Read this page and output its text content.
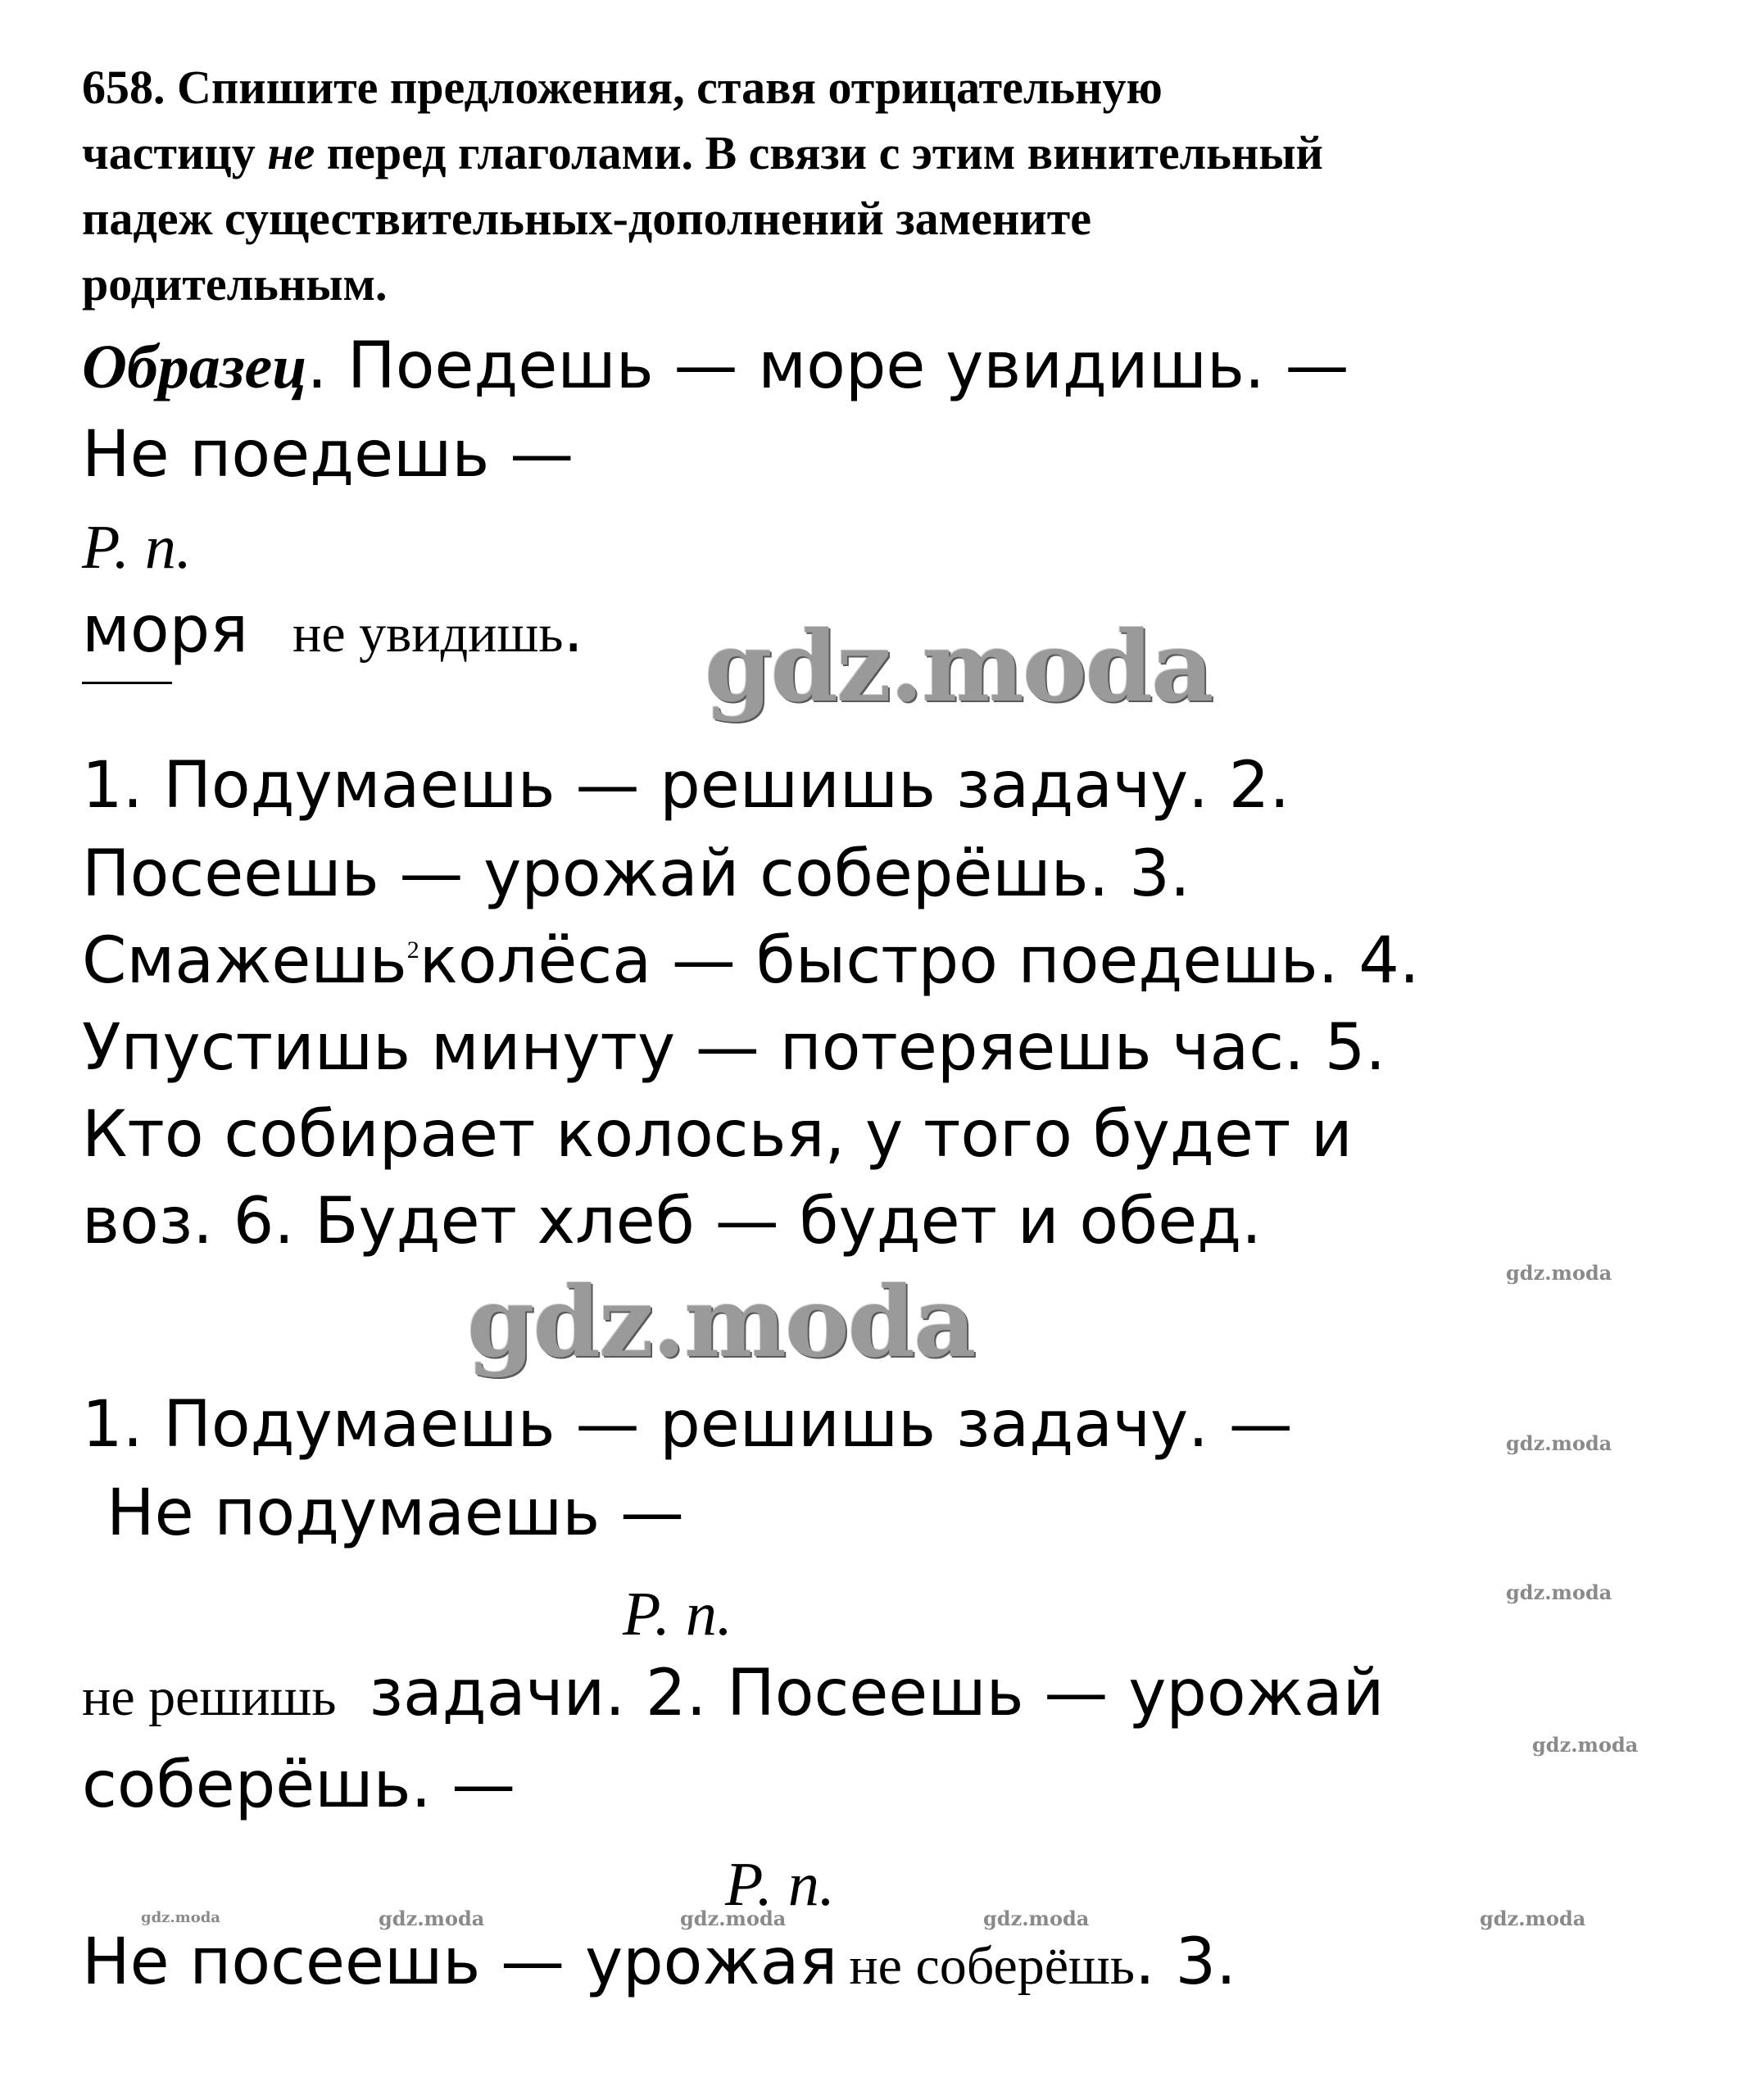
658. Спишите предложения, ставя отрицательную
частицу не перед глаголами. В связи с этим винительный
падеж существительных-дополнений замените
родительным.
Образец. Поедешь — море увидишь. —
Не поедешь —
Р. п.
моря не увидишь. gdz.moda
1. Подумаешь — решишь задачу. 2.
Посеешь — урожай соберёшь. 3.
Смажешь$^2$колёса — быстро поедешь. 4.
Упустишь минуту — потеряешь час. 5.
Кто собирает колосья, у того будет и
воз. 6. Будет хлеб — будет и обед.
gdz.moda
gdz.moda
1. Подумаешь — решишь задачу. —	gdz.moda
Не подумаешь —
Р. п.	gdz.moda
не решишь задачи. 2. Посеешь — урожай
gdz.moda
соберёшь. —
Р. п.
gdz.moda	gdz.moda	gdz.moda	gdz.moda	gdz.moda
Не посеешь — урожая не соберёшь. 3.
